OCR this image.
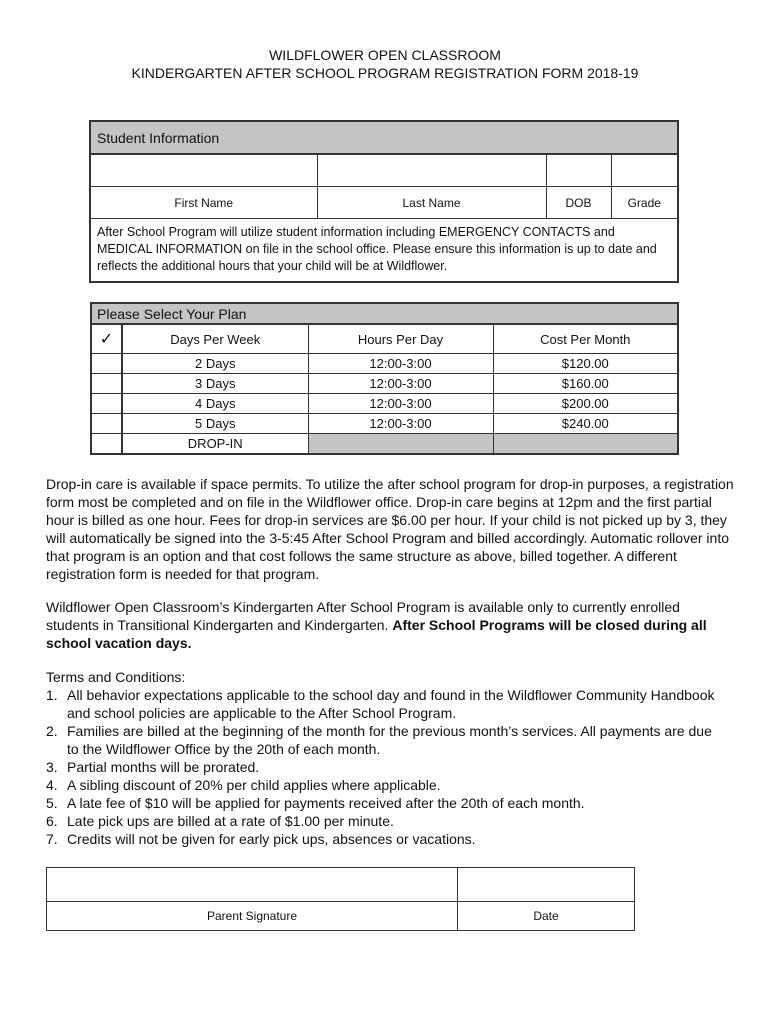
WILDFLOWER OPEN CLASSROOM
KINDERGARTEN AFTER SCHOOL PROGRAM REGISTRATION FORM 2018-19
Student Information			

First Name	Last Name	DOB	Grade
After School Program will utilize student information including EMERGENCY CONTACTS and MEDICAL INFORMATION on file in the school office. Please ensure this information is up to date and reflects the additional hours that your child will be at Wildflower.			
Please Select Your Plan			
✓	Days Per Week	Hours Per Day	Cost Per Month

	2 Days	12:00-3:00	$120.00

	3 Days	12:00-3:00	$160.00

	4 Days	12:00-3:00	$200.00

	5 Days	12:00-3:00	$240.00

	DROP-IN		

Drop-in care is available if space permits. To utilize the after school program for drop-in purposes, a registration form most be completed and on file in the Wildflower office. Drop-in care begins at 12pm and the first partial hour is billed as one hour. Fees for drop-in services are $6.00 per hour. If your child is not picked up by 3, they will automatically be signed into the 3-5:45 After School Program and billed accordingly. Automatic rollover into that program is an option and that cost follows the same structure as above, billed together. A different registration form is needed for that program.

Wildflower Open Classroom’s Kindergarten After School Program is available only to currently enrolled students in Transitional Kindergarten and Kindergarten. After School Programs will be closed during all school vacation days.

Terms and Conditions:

1. All behavior expectations applicable to the school day and found in the Wildflower Community Handbook and school policies are applicable to the After School Program.
2. Families are billed at the beginning of the month for the previous month’s services. All payments are due to the Wildflower Office by the 20th of each month.
3. Partial months will be prorated.
4. A sibling discount of 20% per child applies where applicable.
5. A late fee of $10 will be applied for payments received after the 20th of each month.
6. Late pick ups are billed at a rate of $1.00 per minute.
7. Credits will not be given for early pick ups, absences or vacations.

Parent Signature	Date
